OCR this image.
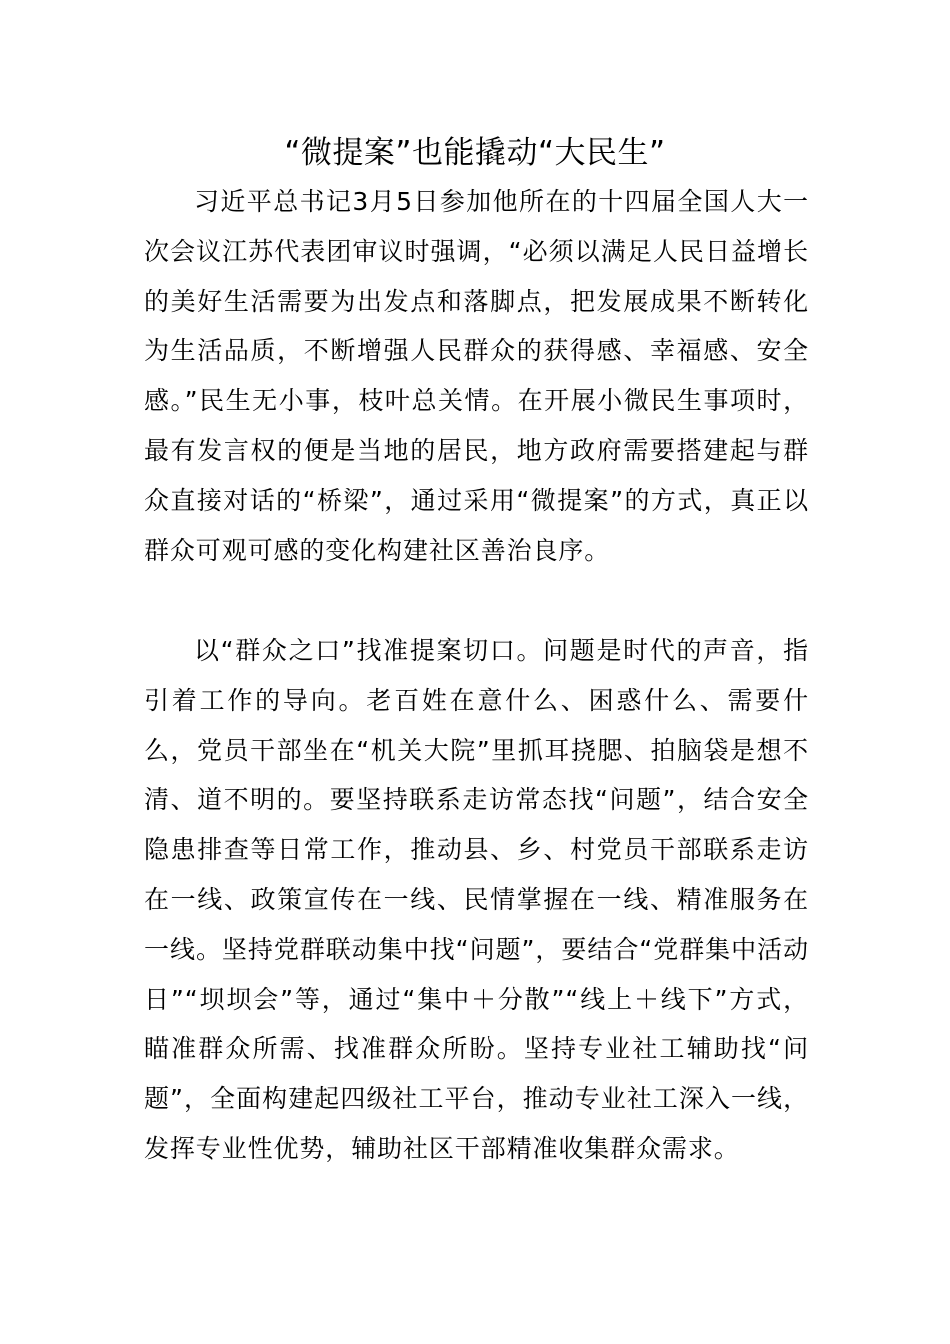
“微提案”也能撬动“大民生”

习近平总书记3月5日参加他所在的十四届全国人大一次会议江苏代表团审议时强调，“必须以满足人民日益增长的美好生活需要为出发点和落脚点，把发展成果不断转化为生活品质，不断增强人民群众的获得感、幸福感、安全感。”民生无小事，枝叶总关情。在开展小微民生事项时，最有发言权的便是当地的居民，地方政府需要搭建起与群众直接对话的“桥梁”，通过采用“微提案”的方式，真正以群众可观可感的变化构建社区善治良序。

以“群众之口”找准提案切口。问题是时代的声音，指引着工作的导向。老百姓在意什么、困惑什么、需要什么，党员干部坐在“机关大院”里抓耳挠腮、拍脑袋是想不清、道不明的。要坚持联系走访常态找“问题”，结合安全隐患排查等日常工作，推动县、乡、村党员干部联系走访在一线、政策宣传在一线、民情掌握在一线、精准服务在一线。坚持党群联动集中找“问题”，要结合“党群集中活动日”“坝坝会”等，通过“集中＋分散”“线上＋线下”方式，瞄准群众所需、找准群众所盼。坚持专业社工辅助找“问题”，全面构建起四级社工平台，推动专业社工深入一线，发挥专业性优势，辅助社区干部精准收集群众需求。
